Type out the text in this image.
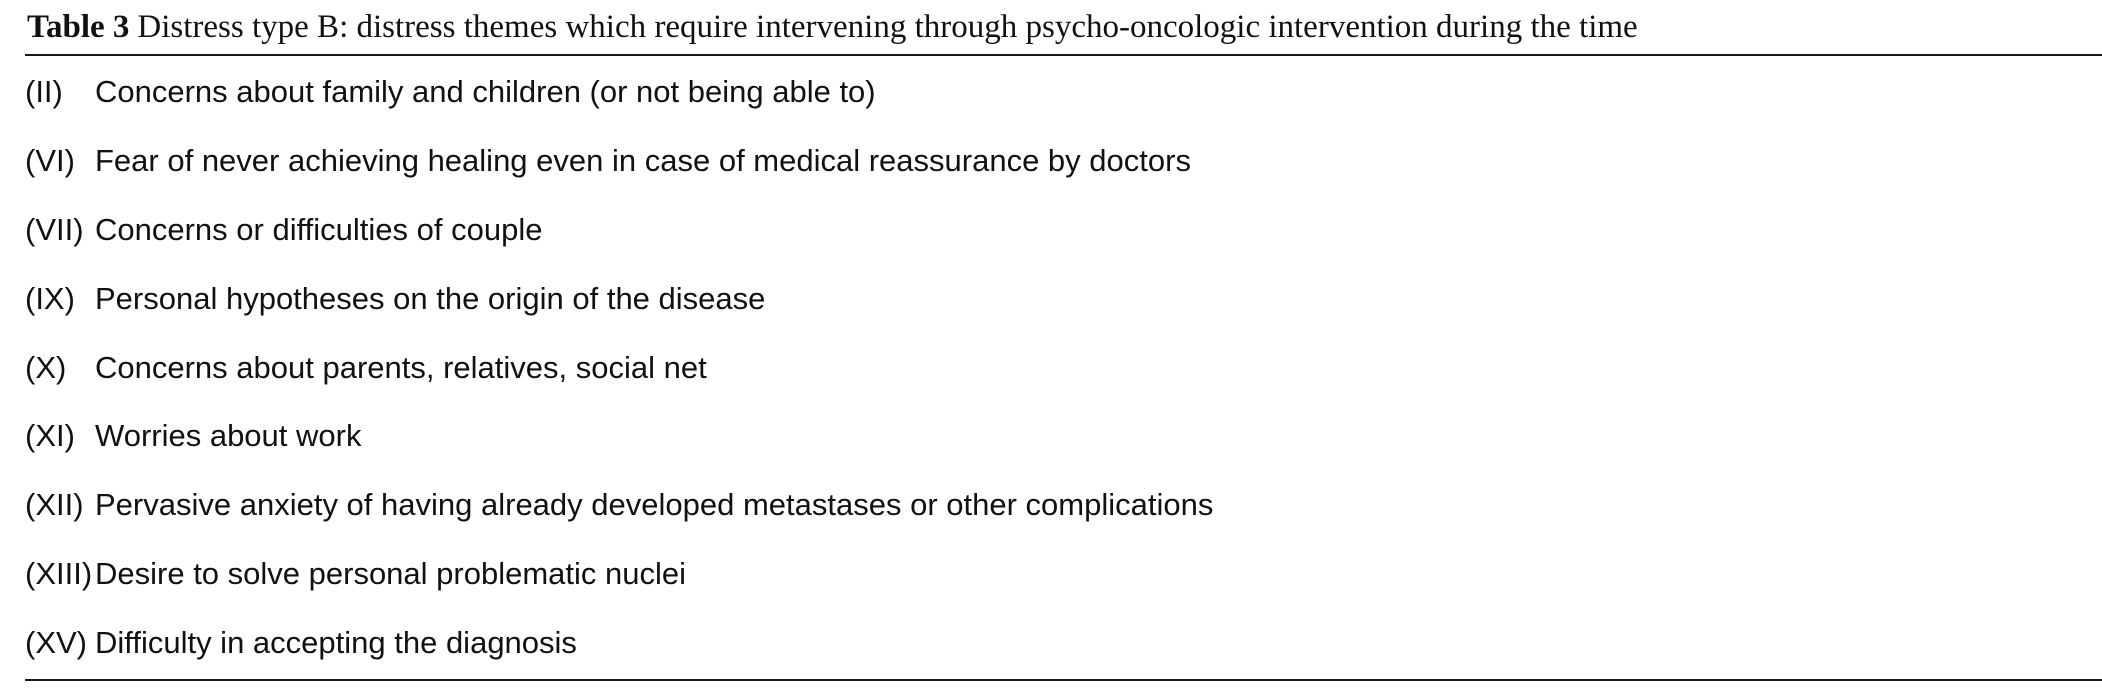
Table 3 Distress type B: distress themes which require intervening through psycho-oncologic intervention during the time
(II)	Concerns about family and children (or not being able to)
(VI) Fear of never achieving healing even in case of medical reassurance by doctors
(VII) Concerns or difficulties of couple
(IX) Personal hypotheses on the origin of the disease
(X) Concerns about parents, relatives, social net
(XI) Worries about work
(XII) Pervasive anxiety of having already developed metastases or other complications
(XIII) Desire to solve personal problematic nuclei
(XV) Difficulty in accepting the diagnosis
